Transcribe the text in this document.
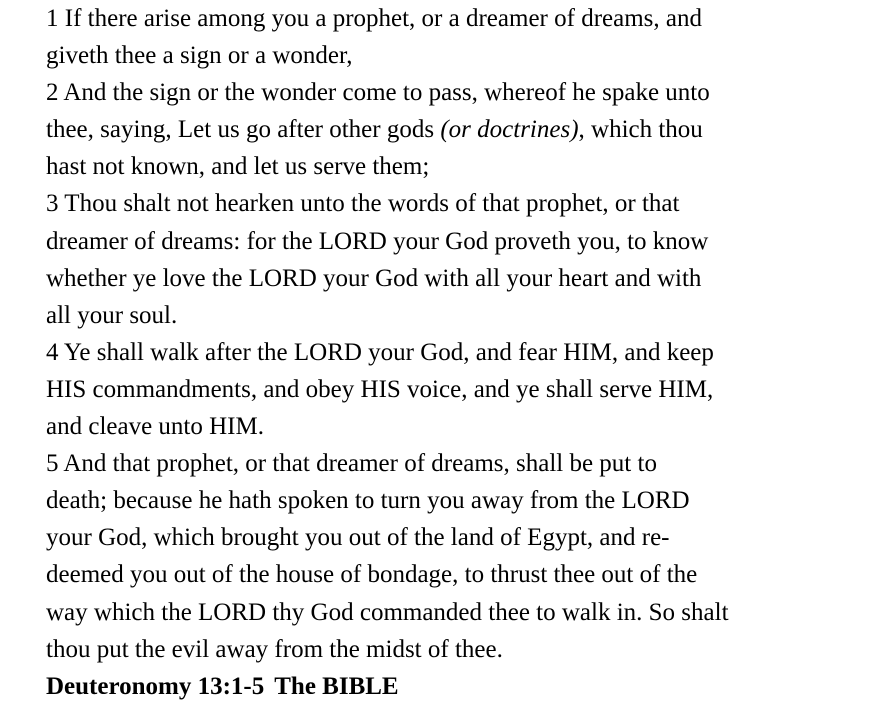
1 If there arise among you a prophet, or a dreamer of dreams, and
giveth thee a sign or a wonder,
2 And the sign or the wonder come to pass, whereof he spake unto
thee, saying, Let us go after other gods (or doctrines), which thou
hast not known, and let us serve them;
3 Thou shalt not hearken unto the words of that prophet, or that
dreamer of dreams: for the LORD your God proveth you, to know
whether ye love the LORD your God with all your heart and with
all your soul.
4 Ye shall walk after the LORD your God, and fear HIM, and keep
HIS commandments, and obey HIS voice, and ye shall serve HIM,
and cleave unto HIM.
5 And that prophet, or that dreamer of dreams, shall be put to
death; because he hath spoken to turn you away from the LORD
your God, which brought you out of the land of Egypt, and re-
deemed you out of the house of bondage, to thrust thee out of the
way which the LORD thy God commanded thee to walk in. So shalt
thou put the evil away from the midst of thee.
Deuteronomy 13:1-5 The BIBLE
